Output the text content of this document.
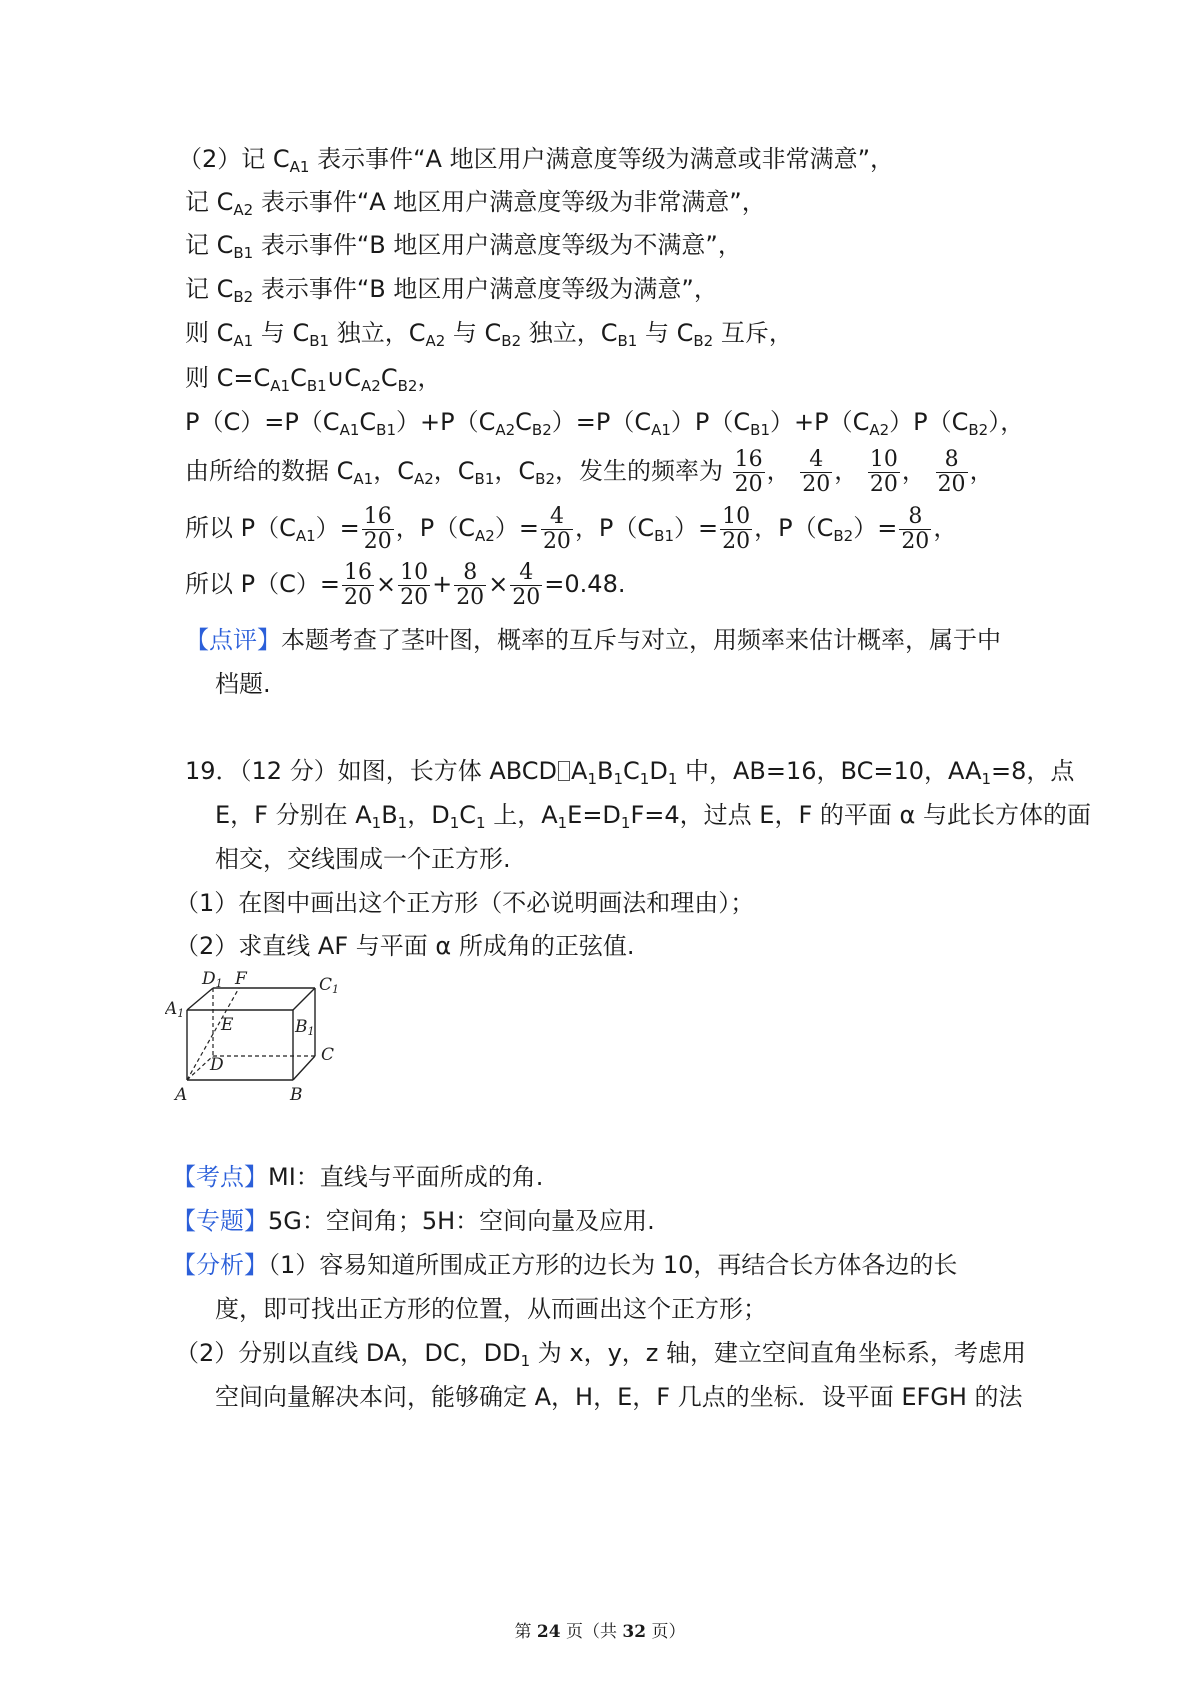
（2）记 $C_{A1}$ 表示事件“A 地区用户满意度等级为满意或非常满意”，
记 $C_{A2}$ 表示事件“A 地区用户满意度等级为非常满意”，
记 $C_{B1}$ 表示事件“B 地区用户满意度等级为不满意”，
记 $C_{B2}$ 表示事件“B 地区用户满意度等级为满意”，
则 $C_{A1}$ 与 $C_{B1}$ 独立，$C_{A2}$ 与 $C_{B2}$ 独立，$C_{B1}$ 与 $C_{B2}$ 互斥，
则 $C=C_{A1}C_{B1}\cup C_{A2}C_{B2}$，
$P(C)=P(C_{A1}C_{B1})+P(C_{A2}C_{B2})=P(C_{A1})P(C_{B1})+P(C_{A2})P(C_{B2})$，
由所给的数据 $C_{A1}$，$C_{A2}$，$C_{B1}$，$C_{B2}$，发生的频率为 $\frac{16}{20}$ ， $\frac{4}{20}$ ， $\frac{10}{20}$ ， $\frac{8}{20}$ ，
所以 $P(C_{A1})= \frac{16}{20}$ ，$P(C_{A2})= \frac{4}{20}$ ，$P(C_{B1})= \frac{10}{20}$ ，$P(C_{B2})= \frac{8}{20}$ ，
所以 $P(C)= \frac{16}{20} \times \frac{10}{20} + \frac{8}{20} \times \frac{4}{20} =0.48$.
【点评】本题考查了茎叶图，概率的互斥与对立，用频率来估计概率，属于中
档题.
19．（12 分）如图，长方体 ABCD $A_1B_1C_1D_1$ 中，AB=16，BC=10，$AA_1=8$，点
E，F 分别在 $A_1B_1$，$D_1C_1$ 上，$A_1E=D_1F=4$，过点 E，F 的平面 α 与此长方体的面
相交，交线围成一个正方形.
（1）在图中画出这个正方形（不必说明画法和理由）；
（2）求直线 AF 与平面 α 所成角的正弦值.
D1 F
A1
E	B1
C1
D	C
A	B
【考点】MI：直线与平面所成的角.
【专题】5G：空间角；5H：空间向量及应用.
【分析】（1）容易知道所围成正方形的边长为 10，再结合长方体各边的长
度，即可找出正方形的位置，从而画出这个正方形；
（2）分别以直线 DA，DC，$DD_1$ 为 x，y，z 轴，建立空间直角坐标系，考虑用
空间向量解决本问，能够确定 A，H，E，F 几点的坐标．设平面 EFGH 的法
第 24 页（共 32 页）
